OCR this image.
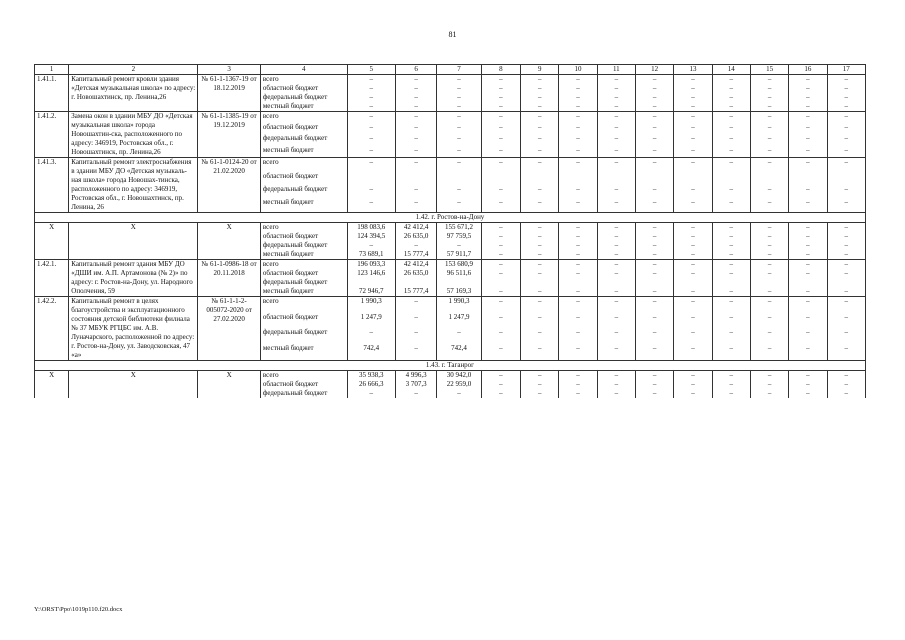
81
1	2	3	4	5	6	7	8	9	10	11	12	13	14	15	16	17
1.41.1.	Капитальный ремонт кровли здания «Детская музыкальная школа» по адресу: г. Новошахтинск, пр. Ленина,26	№ 61-1-1367-19 от 18.12.2019	всего	–	–	–	–	–	–	–	–	–	–	–	–	–
			областной бюджет	–	–	–	–	–	–	–	–	–	–	–	–	–
			федеральный бюджет	–	–	–	–	–	–	–	–	–	–	–	–	–
			местный бюджет	–	–	–	–	–	–	–	–	–	–	–	–	–
1.41.2.	Замена окон в здании МБУ ДО «Детская музыкальная школа» города Новошахтин-ска, расположенного по адресу: 346919, Ростовская обл., г. Новошахтинск, пр. Ленина,26	№ 61-1-1385-19 от 19.12.2019	всего	–	–	–	–	–	–	–	–	–	–	–	–	–
			областной бюджет	–	–	–	–	–	–	–	–	–	–	–	–	–
			федеральный бюджет	–	–	–	–	–	–	–	–	–	–	–	–	–
			местный бюджет	–	–	–	–	–	–	–	–	–	–	–	–	–
1.41.3.	Капитальный ремонт электроснабжения в здании МБУ ДО «Детская музыкаль-ная школа» города Новошах-тинска, расположенного по адресу: 346919, Ростовская обл., г. Новошахтинск, пр. Ленина, 26	№ 61-1-0124-20 от 21.02.2020	всего	–	–	–	–	–	–	–	–	–	–	–	–	–
			областной бюджет													
			федеральный бюджет	–	–	–	–	–	–	–	–	–	–	–	–	–
			местный бюджет	–	–	–	–	–	–	–	–	–	–	–	–	–
1.42. г. Ростов-на-Дону																
Х	Х	Х	всего	198 083,6	42 412,4	155 671,2	–	–	–	–	–	–	–	–	–	–
			областной бюджет	124 394,5	26 635,0	97 759,5	–	–	–	–	–	–	–	–	–	–
			федеральный бюджет	–	–	–	–	–	–	–	–	–	–	–	–	–
			местный бюджет	73 689,1	15 777,4	57 911,7	–	–	–	–	–	–	–	–	–	–
1.42.1.	Капитальный ремонт здания МБУ ДО «ДШИ им. А.П. Артамонова (№ 2)» по адресу: г. Ростов-на-Дону, ул. Народного Ополчения, 59	№ 61-1-0986-18 от 20.11.2018	всего	196 093,3	42 412,4	153 680,9	–	–	–	–	–	–	–	–	–	–
			областной бюджет	123 146,6	26 635,0	96 511,6	–	–	–	–	–	–	–	–	–	–
			федеральный бюджет													
			местный бюджет	72 946,7	15 777,4	57 169,3	–	–	–	–	–	–	–	–	–	–
1.42.2.	Капитальный ремонт в целях благоустройства и эксплуатационного состояния детской библиотеки филиала № 37 МБУК РГЦБС им. А.В. Луначарского, расположенной по адресу: г. Ростов-на-Дону, ул. Заводсковская, 47 «а»	№ 61-1-1-2-005072-2020 от 27.02.2020	всего	1 990,3	–	1 990,3	–	–	–	–	–	–	–	–	–	–
			областной бюджет	1 247,9	–	1 247,9	–	–	–	–	–	–	–	–	–	–
			федеральный бюджет	–	–	–	–	–	–	–	–	–	–	–	–	–
			местный бюджет	742,4	–	742,4	–	–	–	–	–	–	–	–	–	–
1.43. г. Таганрог																
Х	Х	Х	всего	35 938,3	4 996,3	30 942,0	–	–	–	–	–	–	–	–	–	–
			областной бюджет	26 666,3	3 707,3	22 959,0	–	–	–	–	–	–	–	–	–	–
			федеральный бюджет	–	–	–	–	–	–	–	–	–	–	–	–	–
Y:\ORST\Ppo\1019p110.f20.docx
